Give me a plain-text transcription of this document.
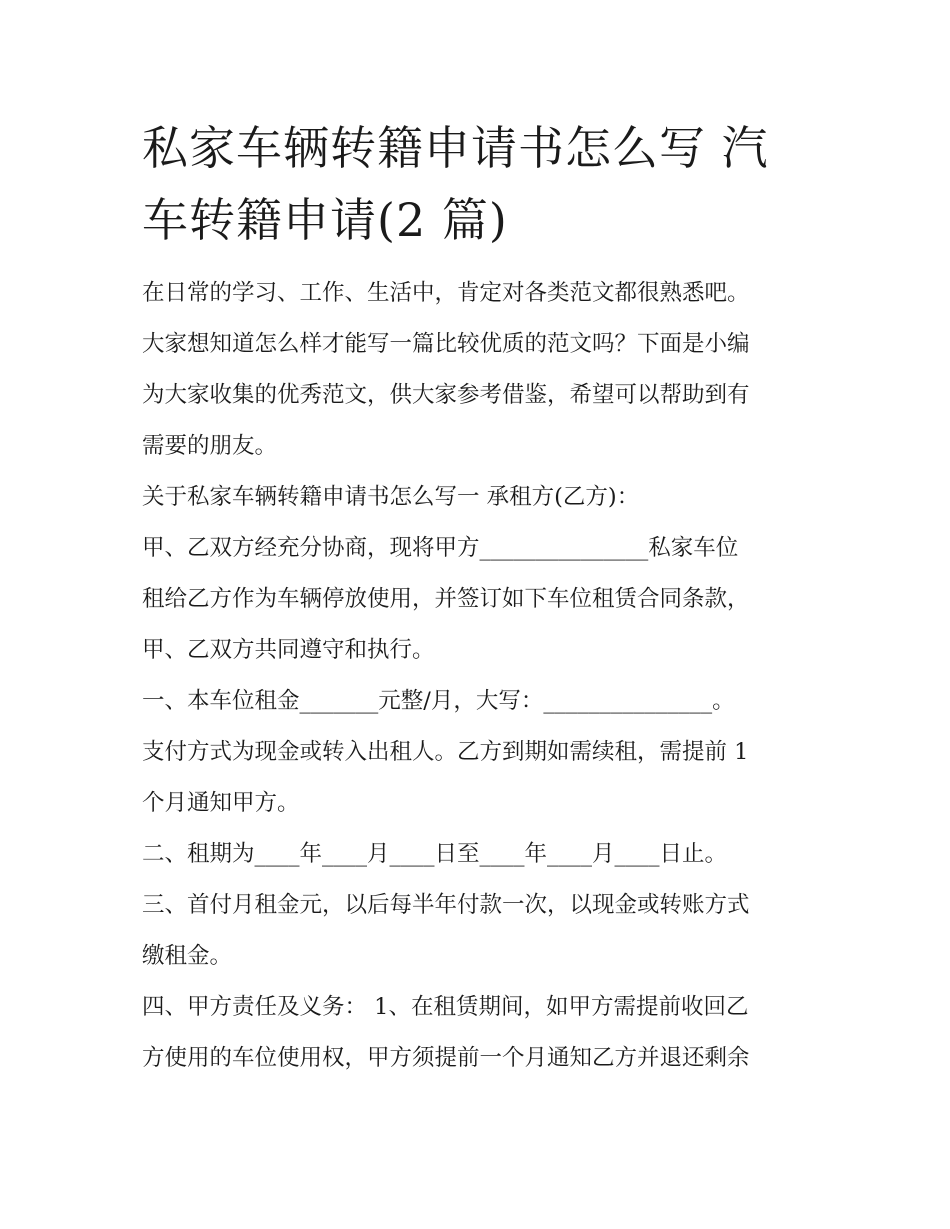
私家车辆转籍申请书怎么写 汽
车转籍申请(2 篇)

在日常的学习、工作、生活中，肯定对各类范文都很熟悉吧。
大家想知道怎么样才能写一篇比较优质的范文吗？下面是小编
为大家收集的优秀范文，供大家参考借鉴，希望可以帮助到有
需要的朋友。

关于私家车辆转籍申请书怎么写一 承租方(乙方)：

甲、乙双方经充分协商，现将甲方_______________私家车位
租给乙方作为车辆停放使用，并签订如下车位租赁合同条款，
甲、乙双方共同遵守和执行。

一、本车位租金_______元整/月，大写：_______________。
支付方式为现金或转入出租人。乙方到期如需续租，需提前 1
个月通知甲方。

二、租期为____年____月____日至____年____月____日止。

三、首付月租金元，以后每半年付款一次，以现金或转账方式
缴租金。

四、甲方责任及义务： 1、在租赁期间，如甲方需提前收回乙
方使用的车位使用权，甲方须提前一个月通知乙方并退还剩余
